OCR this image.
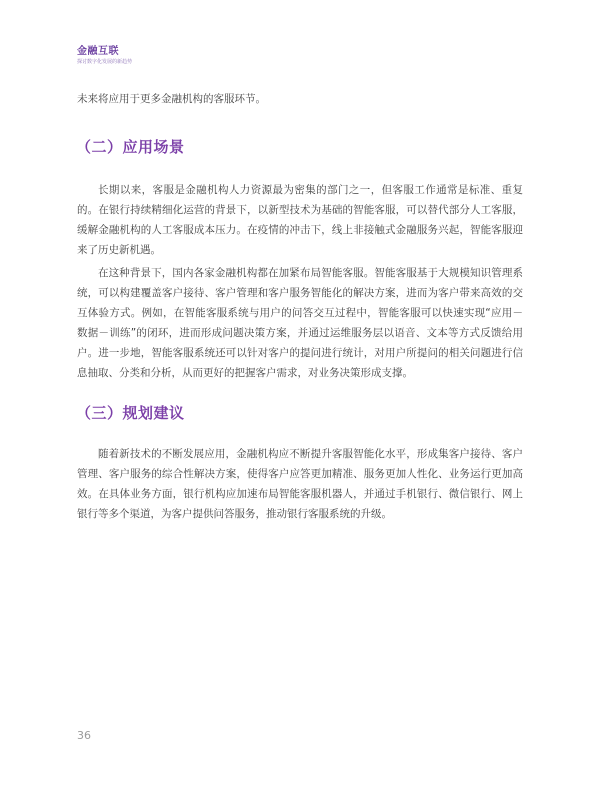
金融互联
探讨数字化发展的新趋势

未来将应用于更多金融机构的客服环节。

（二）应用场景

长期以来，客服是金融机构人力资源最为密集的部门之一，但客服工作通常是标准、重复的。在银行持续精细化运营的背景下，以新型技术为基础的智能客服，可以替代部分人工客服，缓解金融机构的人工客服成本压力。在疫情的冲击下，线上非接触式金融服务兴起，智能客服迎来了历史新机遇。

在这种背景下，国内各家金融机构都在加紧布局智能客服。智能客服基于大规模知识管理系统，可以构建覆盖客户接待、客户管理和客户服务智能化的解决方案，进而为客户带来高效的交互体验方式。例如，在智能客服系统与用户的问答交互过程中，智能客服可以快速实现“应用－数据－训练”的闭环，进而形成问题决策方案，并通过运维服务层以语音、文本等方式反馈给用户。进一步地，智能客服系统还可以针对客户的提问进行统计，对用户所提问的相关问题进行信息抽取、分类和分析，从而更好的把握客户需求，对业务决策形成支撑。

（三）规划建议

随着新技术的不断发展应用，金融机构应不断提升客服智能化水平，形成集客户接待、客户管理、客户服务的综合性解决方案，使得客户应答更加精准、服务更加人性化、业务运行更加高效。在具体业务方面，银行机构应加速布局智能客服机器人，并通过手机银行、微信银行、网上银行等多个渠道，为客户提供问答服务，推动银行客服系统的升级。

36
